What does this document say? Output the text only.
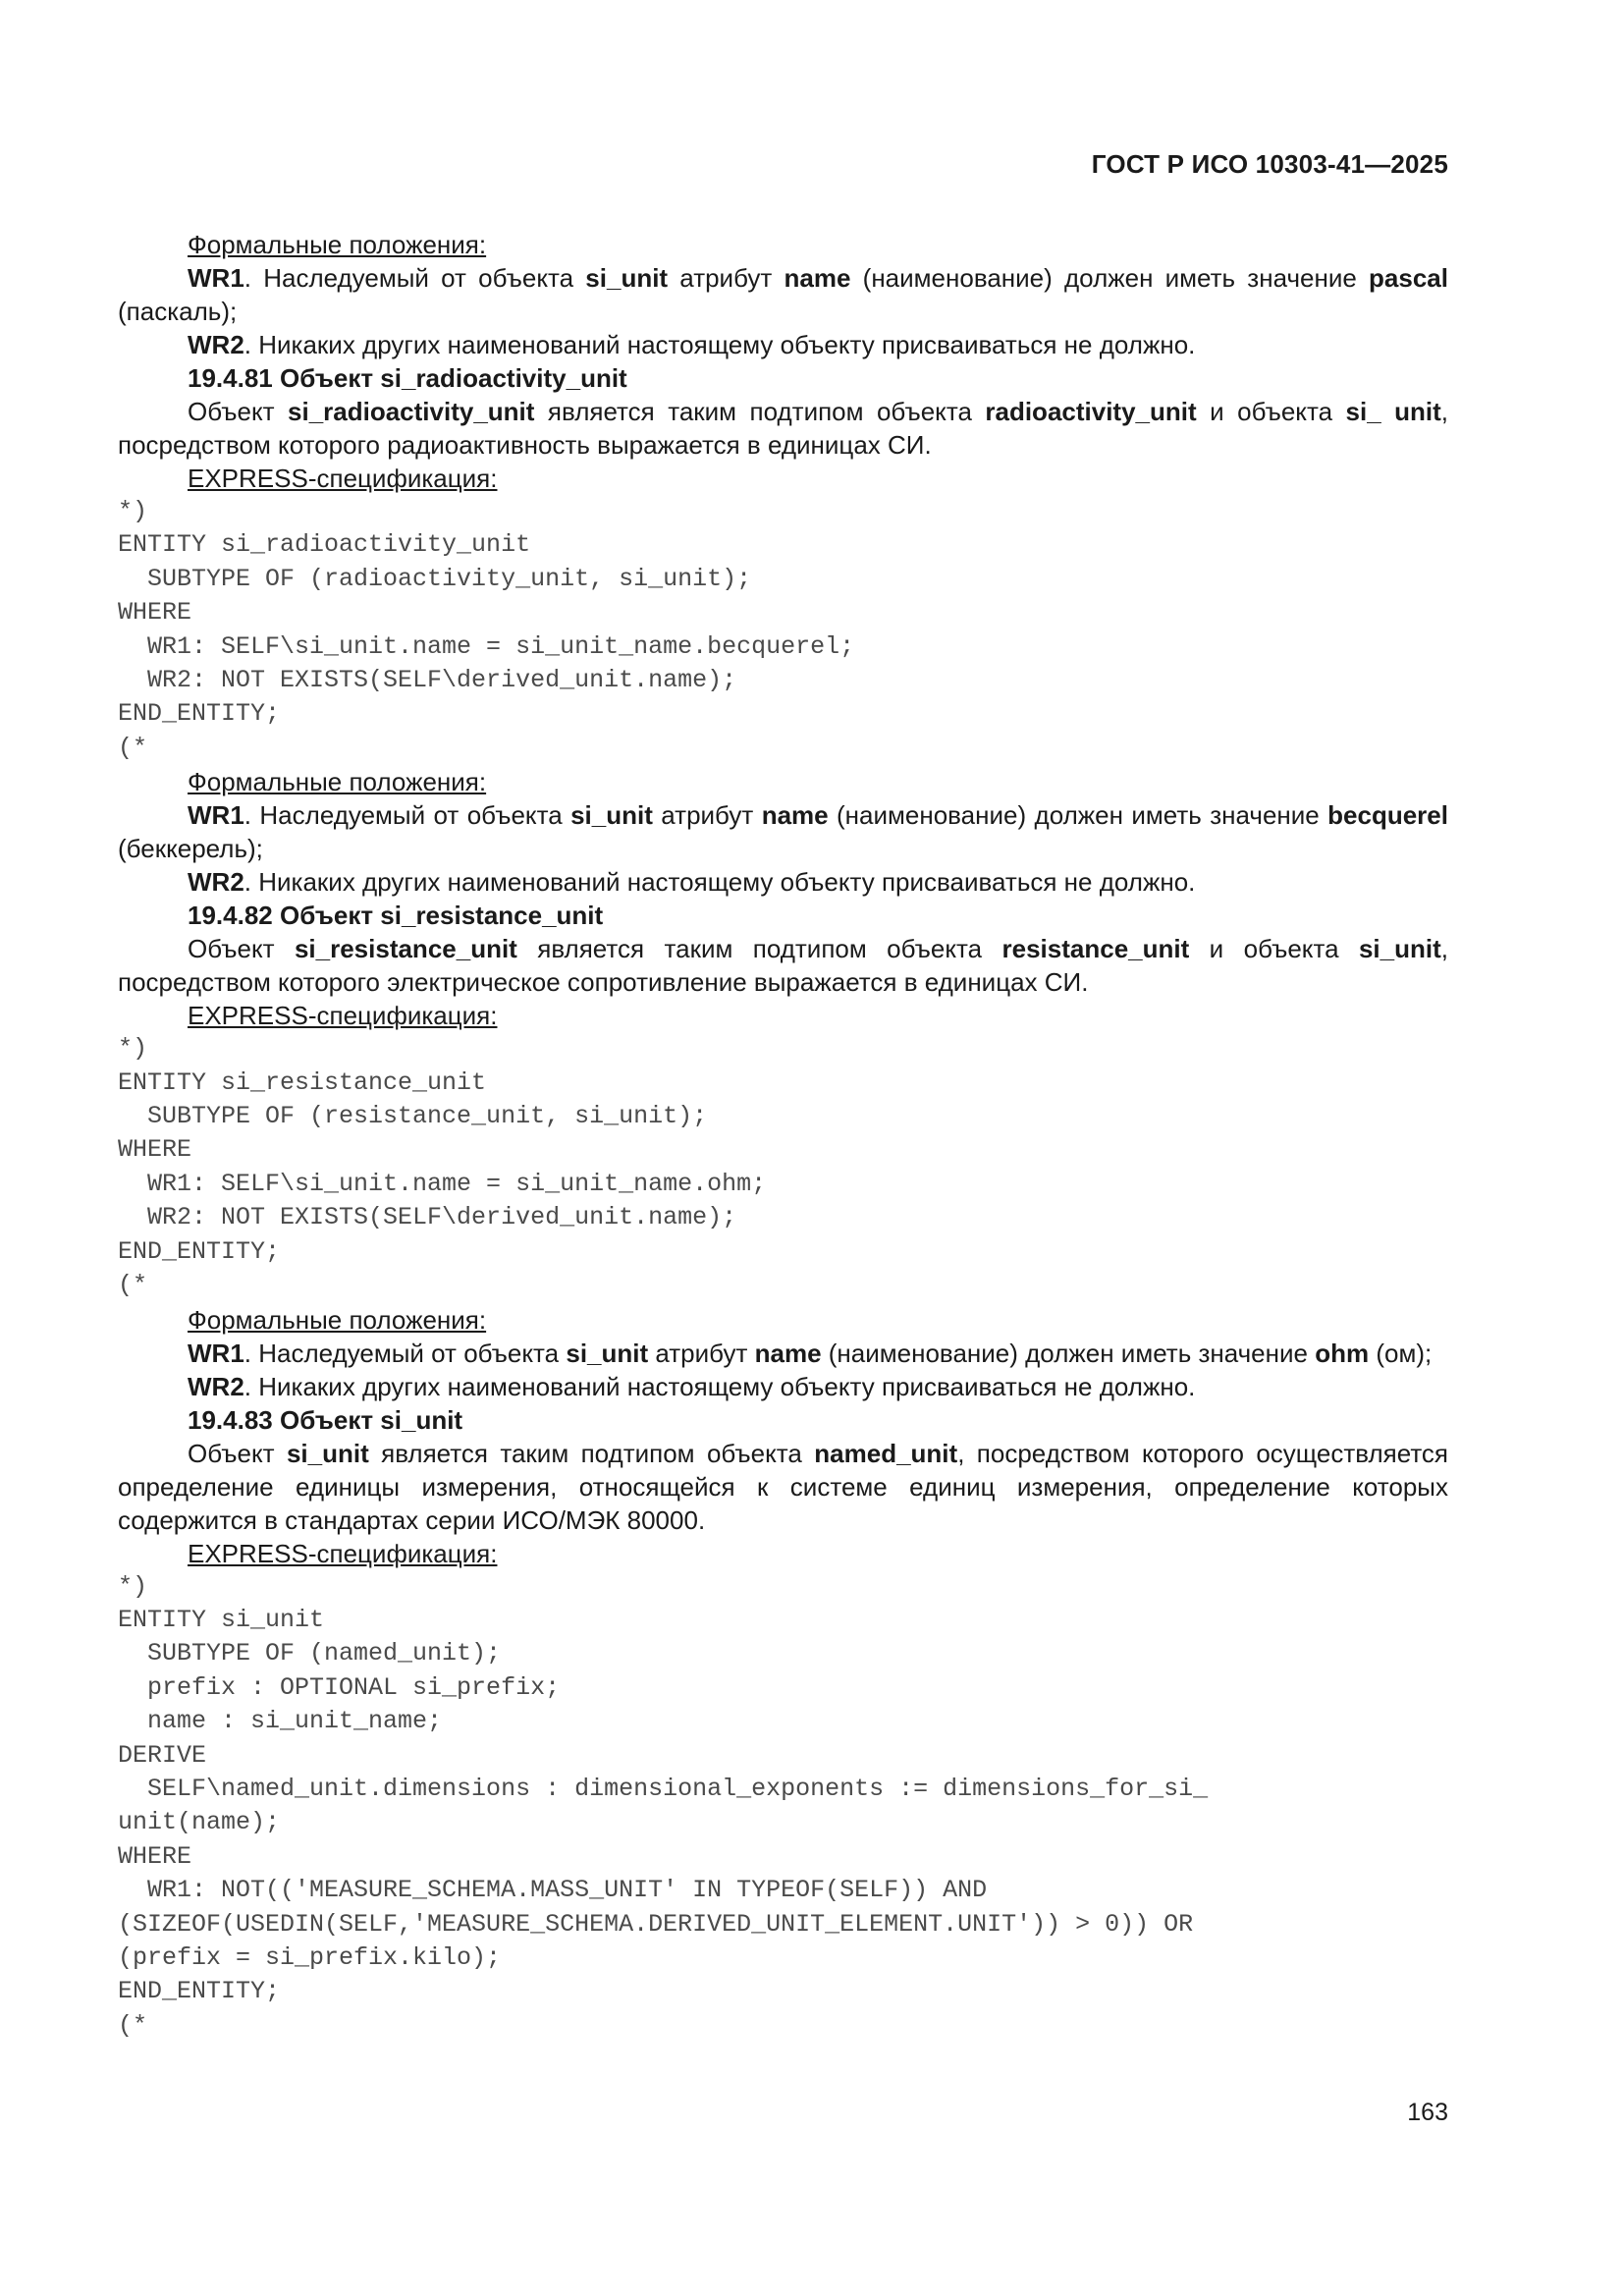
ГОСТ Р ИСО 10303-41—2025

Формальные положения:

WR1. Наследуемый от объекта si_unit атрибут name (наименование) должен иметь значение pascal (паскаль);

WR2. Никаких других наименований настоящему объекту присваиваться не должно.

19.4.81 Объект si_radioactivity_unit

Объект si_radioactivity_unit является таким подтипом объекта radioactivity_unit и объекта si_ unit, посредством которого радиоактивность выражается в единицах СИ.

EXPRESS-спецификация:

*)
ENTITY si_radioactivity_unit
SUBTYPE OF (radioactivity_unit, si_unit);
WHERE
WR1: SELF\si_unit.name = si_unit_name.becquerel;
WR2: NOT EXISTS(SELF\derived_unit.name);
END_ENTITY;
(*

Формальные положения:

WR1. Наследуемый от объекта si_unit атрибут name (наименование) должен иметь значение becquerel (беккерель);

WR2. Никаких других наименований настоящему объекту присваиваться не должно.

19.4.82 Объект si_resistance_unit

Объект si_resistance_unit является таким подтипом объекта resistance_unit и объекта si_unit, посредством которого электрическое сопротивление выражается в единицах СИ.

EXPRESS-спецификация:

*)
ENTITY si_resistance_unit
SUBTYPE OF (resistance_unit, si_unit);
WHERE
WR1: SELF\si_unit.name = si_unit_name.ohm;
WR2: NOT EXISTS(SELF\derived_unit.name);
END_ENTITY;
(*

Формальные положения:

WR1. Наследуемый от объекта si_unit атрибут name (наименование) должен иметь значение ohm (ом);

WR2. Никаких других наименований настоящему объекту присваиваться не должно.

19.4.83 Объект si_unit

Объект si_unit является таким подтипом объекта named_unit, посредством которого осуществляется определение единицы измерения, относящейся к системе единиц измерения, определение которых содержится в стандартах серии ИСО/МЭК 80000.

EXPRESS-спецификация:

*)
ENTITY si_unit
SUBTYPE OF (named_unit);
prefix : OPTIONAL si_prefix;
name : si_unit_name;
DERIVE
SELF\named_unit.dimensions : dimensional_exponents := dimensions_for_si_
unit(name);
WHERE
WR1: NOT(('MEASURE_SCHEMA.MASS_UNIT' IN TYPEOF(SELF)) AND
(SIZEOF(USEDIN(SELF,'MEASURE_SCHEMA.DERIVED_UNIT_ELEMENT.UNIT')) > 0)) OR
(prefix = si_prefix.kilo);
END_ENTITY;
(*
163
